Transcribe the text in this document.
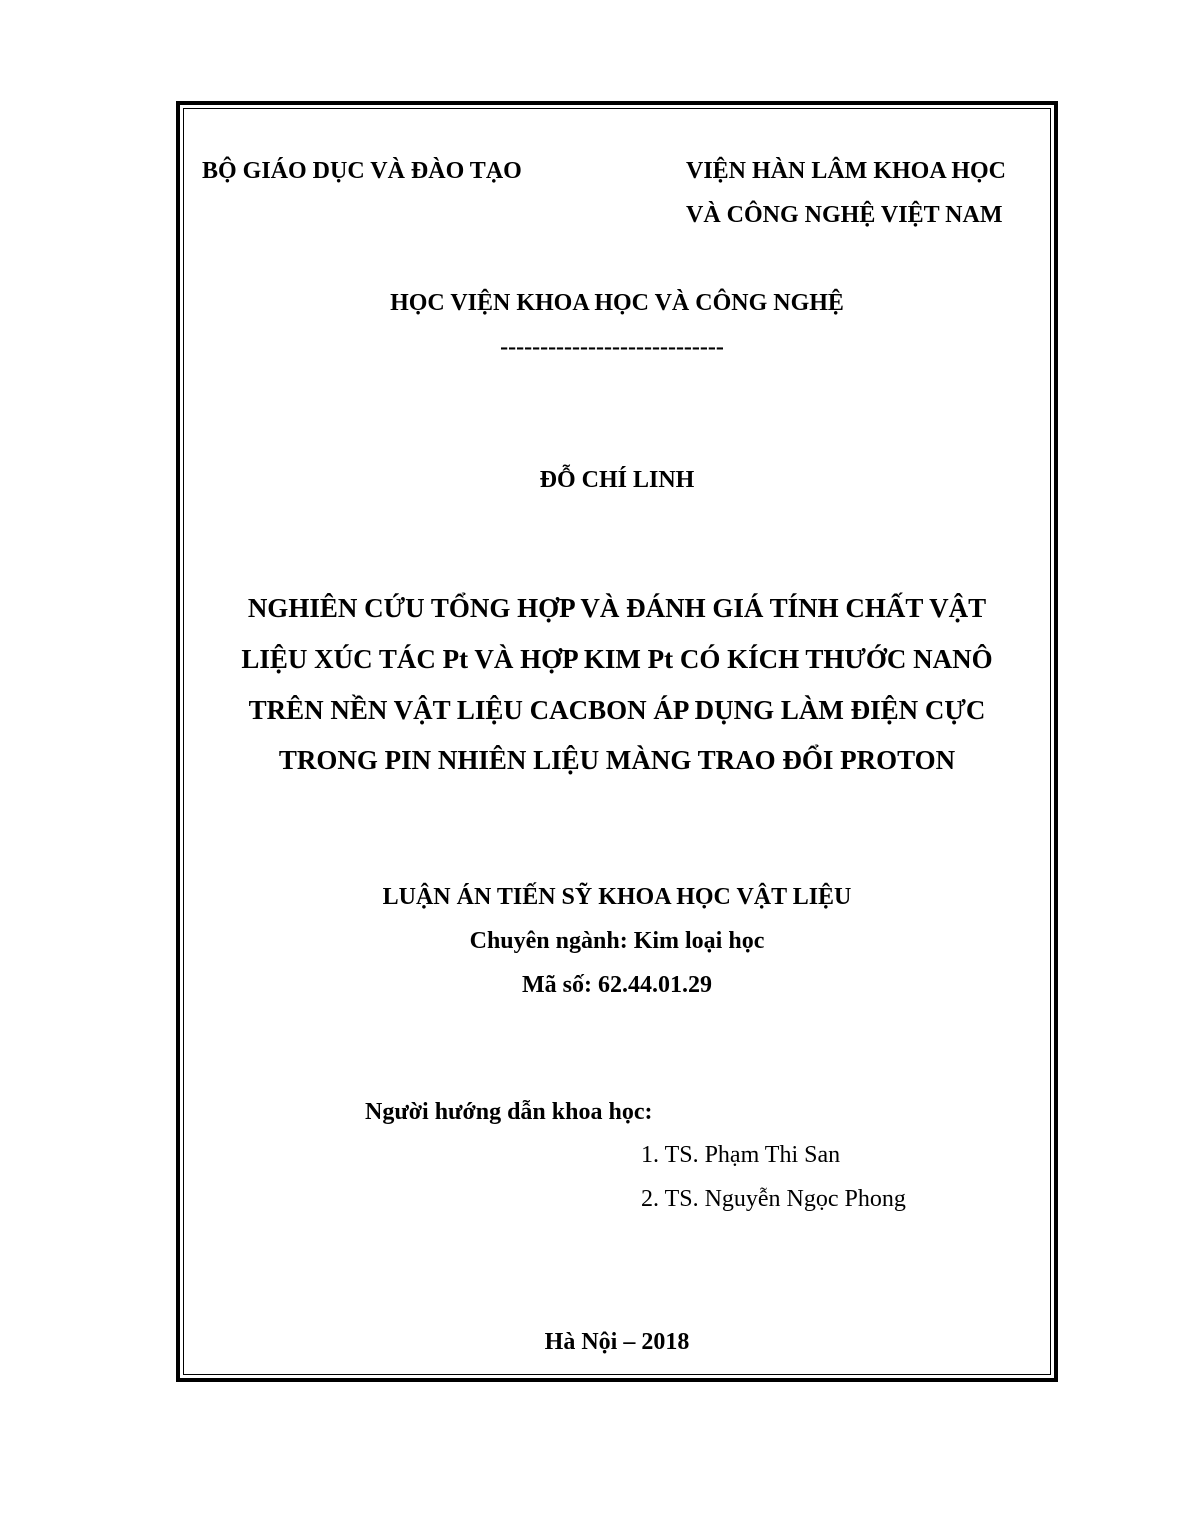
BỘ GIÁO DỤC VÀ ĐÀO TẠO	VIỆN HÀN LÂM KHOA HỌC
VÀ CÔNG NGHỆ VIỆT NAM
HỌC VIỆN KHOA HỌC VÀ CÔNG NGHỆ
----------------------------
ĐỖ CHÍ LINH
NGHIÊN CỨU TỔNG HỢP VÀ ĐÁNH GIÁ TÍNH CHẤT VẬT
LIỆU XÚC TÁC Pt VÀ HỢP KIM Pt CÓ KÍCH THƯỚC NANÔ
TRÊN NỀN VẬT LIỆU CACBON ÁP DỤNG LÀM ĐIỆN CỰC
TRONG PIN NHIÊN LIỆU MÀNG TRAO ĐỔI PROTON
LUẬN ÁN TIẾN SỸ KHOA HỌC VẬT LIỆU
Chuyên ngành: Kim loại học
Mã số: 62.44.01.29
Người hướng dẫn khoa học:
1. TS. Phạm Thi San
2. TS. Nguyễn Ngọc Phong
Hà Nội – 2018
